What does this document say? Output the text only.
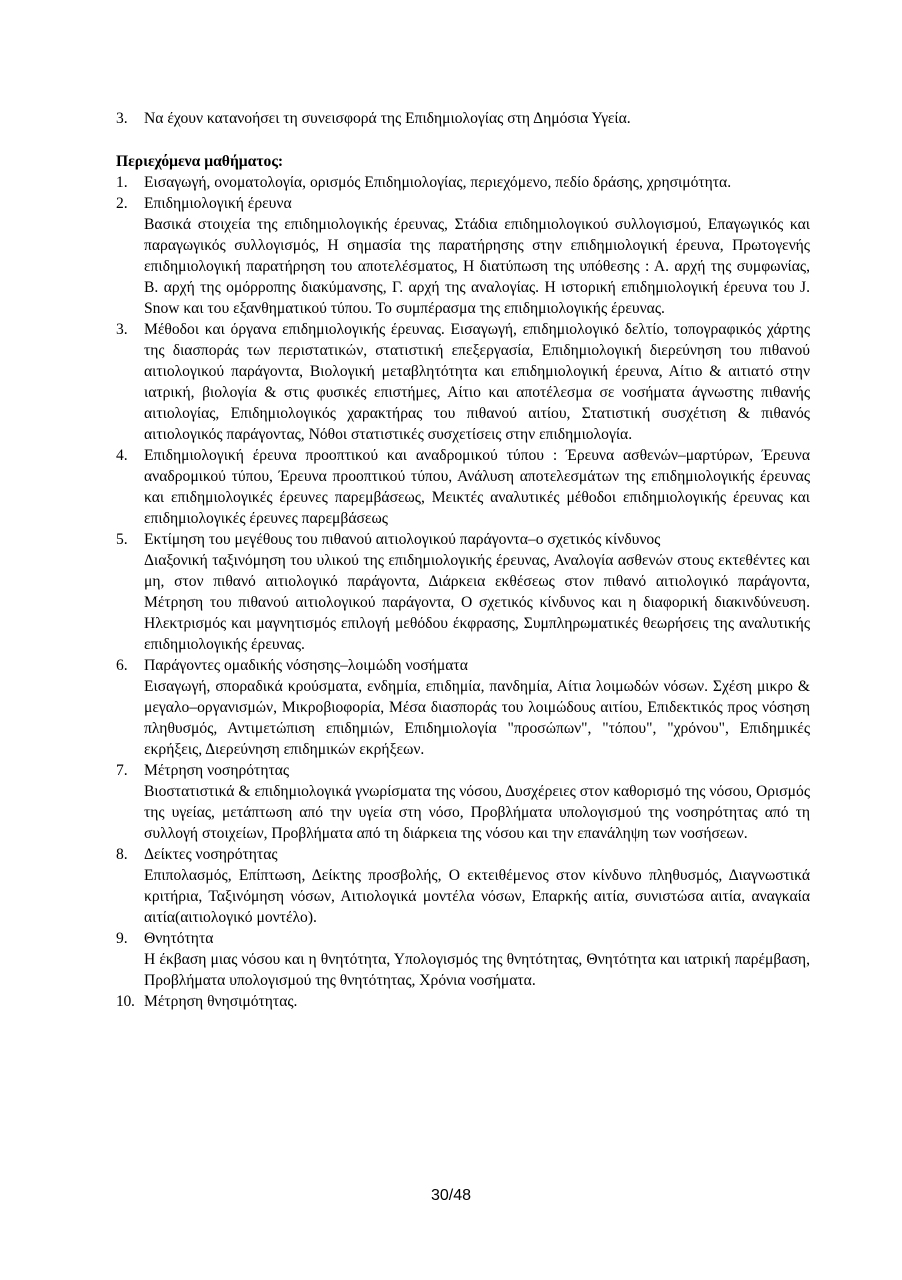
3.	Να έχουν κατανοήσει τη συνεισφορά της Επιδημιολογίας στη Δημόσια Υγεία.
Περιεχόμενα μαθήματος:
1.	Εισαγωγή, ονοματολογία, ορισμός Επιδημιολογίας, περιεχόμενο, πεδίο δράσης, χρησιμότητα.

2.	Επιδημιολογική έρευνα

Βασικά στοιχεία της επιδημιολογικής έρευνας, Στάδια επιδημιολογικού συλλογισμού, Επαγωγικός και παραγωγικός συλλογισμός, Η σημασία της παρατήρησης στην επιδημιολογική έρευνα, Πρωτογενής επιδημιολογική παρατήρηση του αποτελέσματος, Η διατύπωση της υπόθεσης : Α. αρχή της συμφωνίας, Β. αρχή της ομόρροπης διακύμανσης, Γ. αρχή της αναλογίας. Η ιστορική επιδημιολογική έρευνα του J. Snow και του εξανθηματικού τύπου. Το συμπέρασμα της επιδημιολογικής έρευνας.

3.	Μέθοδοι και όργανα επιδημιολογικής έρευνας. Εισαγωγή, επιδημιολογικό δελτίο, τοπογραφικός χάρτης της διασποράς των περιστατικών, στατιστική επεξεργασία, Επιδημιολογική διερεύνηση του πιθανού αιτιολογικού παράγοντα, Βιολογική μεταβλητότητα και επιδημιολογική έρευνα, Αίτιο & αιτιατό στην ιατρική, βιολογία & στις φυσικές επιστήμες, Αίτιο και αποτέλεσμα σε νοσήματα άγνωστης πιθανής αιτιολογίας, Επιδημιολογικός χαρακτήρας του πιθανού αιτίου, Στατιστική συσχέτιση & πιθανός αιτιολογικός παράγοντας, Νόθοι στατιστικές συσχετίσεις στην επιδημιολογία.

4.	Επιδημιολογική έρευνα προοπτικού και αναδρομικού τύπου : Έρευνα ασθενών–μαρτύρων, Έρευνα αναδρομικού τύπου, Έρευνα προοπτικού τύπου, Ανάλυση αποτελεσμάτων της επιδημιολογικής έρευνας και επιδημιολογικές έρευνες παρεμβάσεως, Μεικτές αναλυτικές μέθοδοι επιδημιολογικής έρευνας και επιδημιολογικές έρευνες παρεμβάσεως

5.	Εκτίμηση του μεγέθους του πιθανού αιτιολογικού παράγοντα–ο σχετικός κίνδυνος

Διαξονική ταξινόμηση του υλικού της επιδημιολογικής έρευνας, Αναλογία ασθενών στους εκτεθέντες και μη, στον πιθανό αιτιολογικό παράγοντα, Διάρκεια εκθέσεως στον πιθανό αιτιολογικό παράγοντα, Μέτρηση του πιθανού αιτιολογικού παράγοντα, Ο σχετικός κίνδυνος και η διαφορική διακινδύνευση. Ηλεκτρισμός και μαγνητισμός επιλογή μεθόδου έκφρασης, Συμπληρωματικές θεωρήσεις της αναλυτικής επιδημιολογικής έρευνας.

6.	Παράγοντες ομαδικής νόσησης–λοιμώδη νοσήματα

Εισαγωγή, σποραδικά κρούσματα, ενδημία, επιδημία, πανδημία, Αίτια λοιμωδών νόσων. Σχέση μικρο & μεγαλο–οργανισμών, Μικροβιοφορία, Μέσα διασποράς του λοιμώδους αιτίου, Επιδεκτικός προς νόσηση πληθυσμός, Αντιμετώπιση επιδημιών, Επιδημιολογία "προσώπων", "τόπου", "χρόνου", Επιδημικές εκρήξεις, Διερεύνηση επιδημικών εκρήξεων.

7.	Μέτρηση νοσηρότητας

Βιοστατιστικά & επιδημιολογικά γνωρίσματα της νόσου, Δυσχέρειες στον καθορισμό της νόσου, Ορισμός της υγείας, μετάπτωση από την υγεία στη νόσο, Προβλήματα υπολογισμού της νοσηρότητας από τη συλλογή στοιχείων, Προβλήματα από τη διάρκεια της νόσου και την επανάληψη των νοσήσεων.

8.	Δείκτες νοσηρότητας

Επιπολασμός, Επίπτωση, Δείκτης προσβολής, Ο εκτειθέμενος στον κίνδυνο πληθυσμός, Διαγνωστικά κριτήρια, Ταξινόμηση νόσων, Αιτιολογικά μοντέλα νόσων, Επαρκής αιτία, συνιστώσα αιτία, αναγκαία αιτία(αιτιολογικό μοντέλο).

9.	Θνητότητα

Η έκβαση μιας νόσου και η θνητότητα, Υπολογισμός της θνητότητας, Θνητότητα και ιατρική παρέμβαση, Προβλήματα υπολογισμού της θνητότητας, Χρόνια νοσήματα.

10. Μέτρηση θνησιμότητας.

30/48
